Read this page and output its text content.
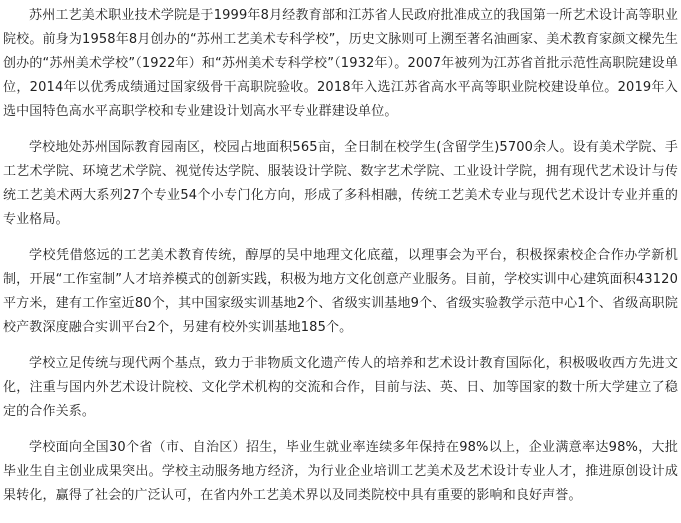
苏州工艺美术职业技术学院是于1999年8月经教育部和江苏省人民政府批准成立的我国第一所艺术设计高等职业院校。前身为1958年8月创办的“苏州工艺美术专科学校”，历史文脉则可上溯至著名油画家、美术教育家颜文樑先生创办的“苏州美术学校”（1922年）和“苏州美术专科学校”（1932年）。2007年被列为江苏省首批示范性高职院建设单位，2014年以优秀成绩通过国家级骨干高职院验收。2018年入选江苏省高水平高等职业院校建设单位。2019年入选中国特色高水平高职学校和专业建设计划高水平专业群建设单位。

学校地处苏州国际教育园南区，校园占地面积565亩，全日制在校学生(含留学生)5700余人。设有美术学院、手工艺术学院、环境艺术学院、视觉传达学院、服装设计学院、数字艺术学院、工业设计学院，拥有现代艺术设计与传统工艺美术两大系列27个专业54个小专门化方向，形成了多科相融，传统工艺美术专业与现代艺术设计专业并重的专业格局。

学校凭借悠远的工艺美术教育传统，醇厚的吴中地理文化底蕴，以理事会为平台，积极探索校企合作办学新机制，开展“工作室制”人才培养模式的创新实践，积极为地方文化创意产业服务。目前，学校实训中心建筑面积43120平方米，建有工作室近80个，其中国家级实训基地2个、省级实训基地9个、省级实验教学示范中心1个、省级高职院校产教深度融合实训平台2个，另建有校外实训基地185个。

学校立足传统与现代两个基点，致力于非物质文化遗产传人的培养和艺术设计教育国际化，积极吸收西方先进文化，注重与国内外艺术设计院校、文化学术机构的交流和合作，目前与法、英、日、加等国家的数十所大学建立了稳定的合作关系。

学校面向全国30个省（市、自治区）招生，毕业生就业率连续多年保持在98%以上，企业满意率达98%，大批毕业生自主创业成果突出。学校主动服务地方经济，为行业企业培训工艺美术及艺术设计专业人才，推进原创设计成果转化，赢得了社会的广泛认可，在省内外工艺美术界以及同类院校中具有重要的影响和良好声誉。
